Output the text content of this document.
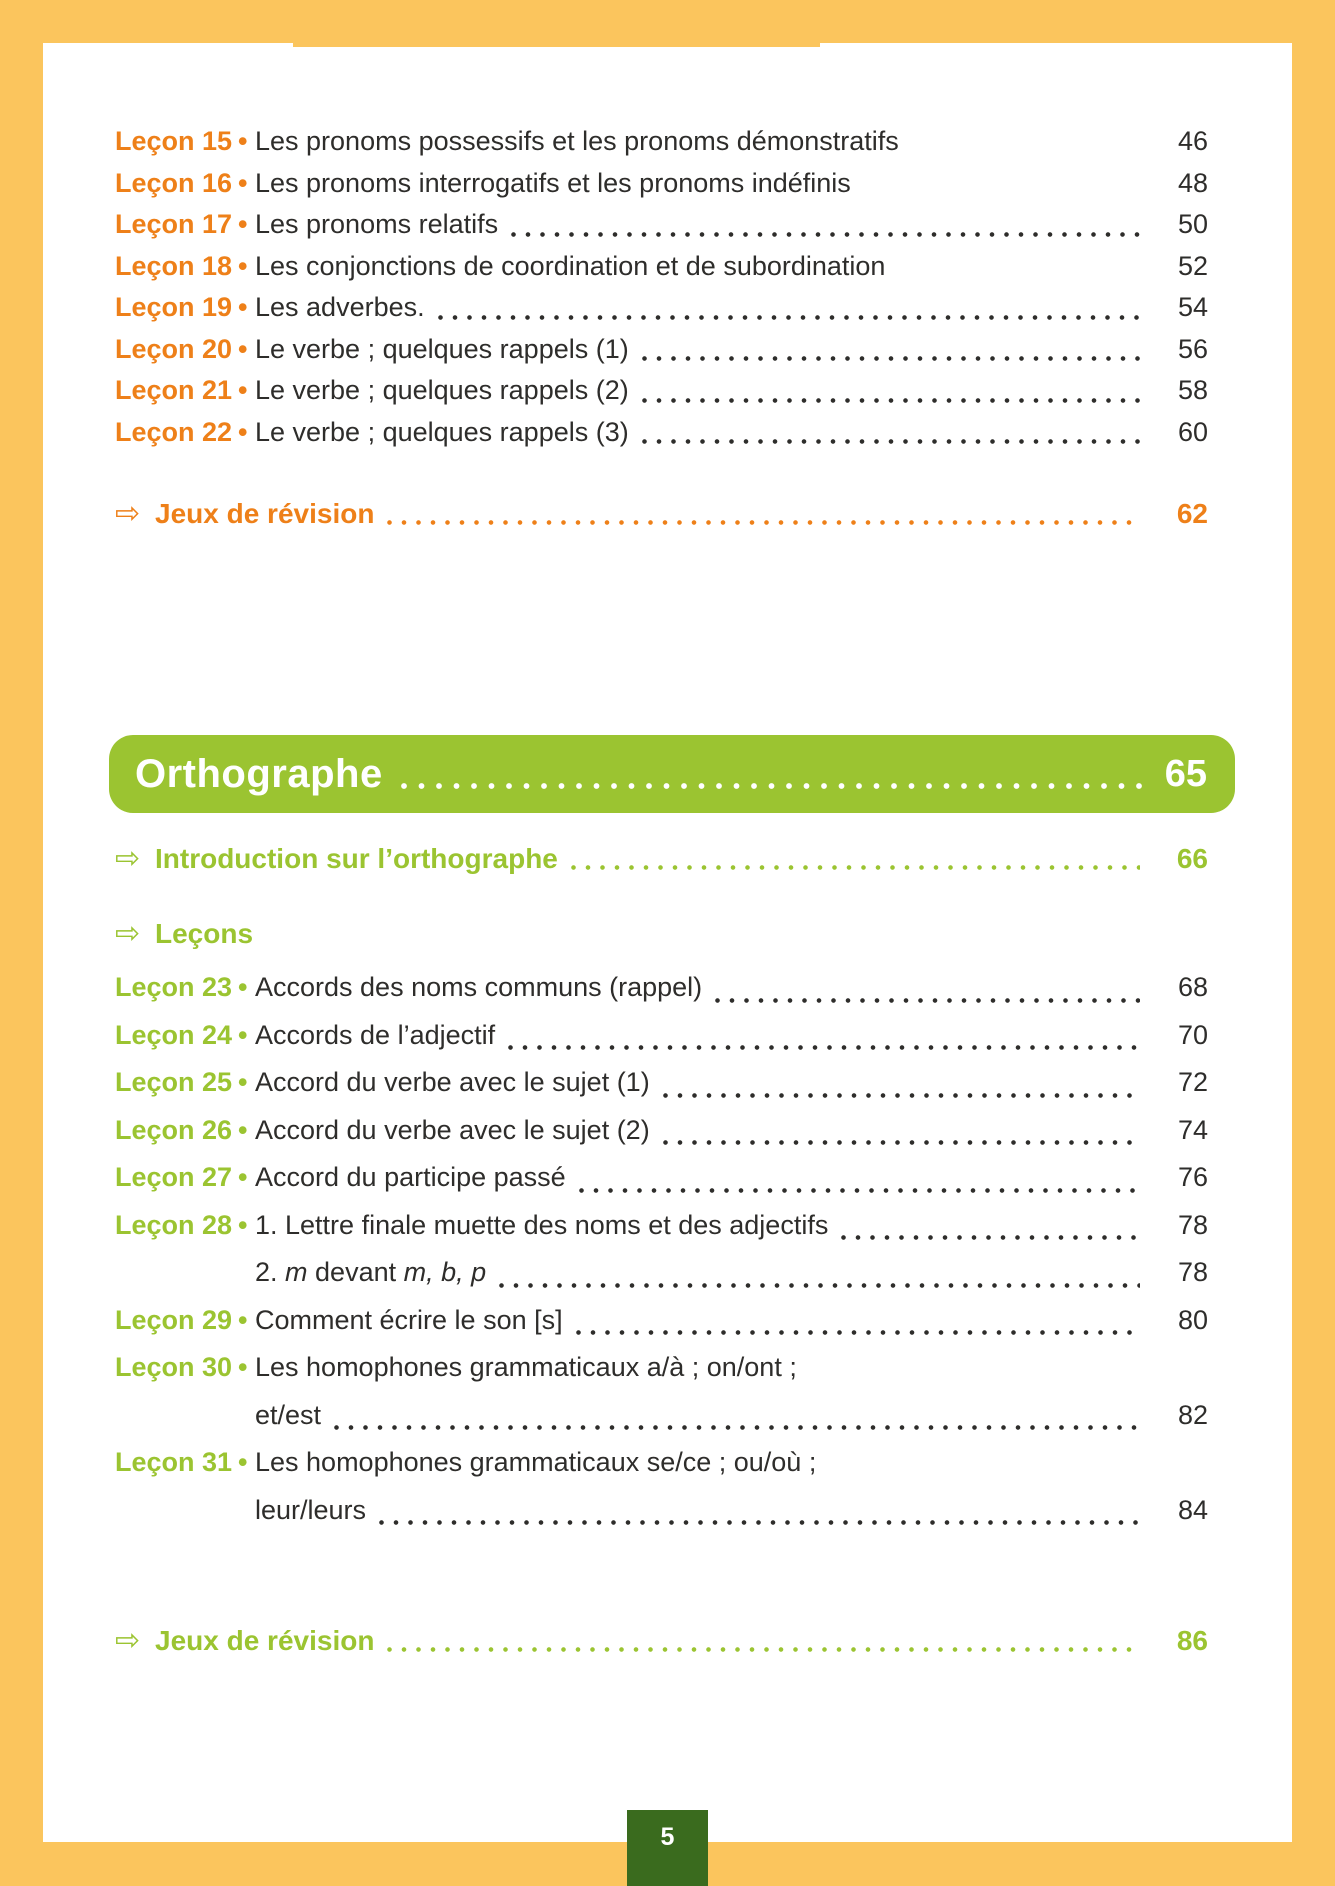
Leçon 15 • Les pronoms possessifs et les pronoms démonstratifs	46
Leçon 16 • Les pronoms interrogatifs et les pronoms indéfinis	48
Leçon 17 • Les pronoms relatifs	50
Leçon 18 • Les conjonctions de coordination et de subordination	52
Leçon 19 • Les adverbes.	54
Leçon 20 • Le verbe ; quelques rappels (1)	56
Leçon 21 • Le verbe ; quelques rappels (2)	58
Leçon 22 • Le verbe ; quelques rappels (3)	60
⇨ Jeux de révision	62
Orthographe	65
⇨ Introduction sur l’orthographe	66
⇨ Leçons
Leçon 23 • Accords des noms communs (rappel)	68
Leçon 24 • Accords de l’adjectif	70
Leçon 25 • Accord du verbe avec le sujet (1)	72
Leçon 26 • Accord du verbe avec le sujet (2)	74
Leçon 27 • Accord du participe passé	76
Leçon 28 • 1. Lettre finale muette des noms et des adjectifs	78
2. m devant m, b, p	78
Leçon 29 • Comment écrire le son [s]	80
Leçon 30 • Les homophones grammaticaux a/à ; on/ont ;
et/est	82
Leçon 31 • Les homophones grammaticaux se/ce ; ou/où ;
leur/leurs	84
⇨ Jeux de révision	86
5
